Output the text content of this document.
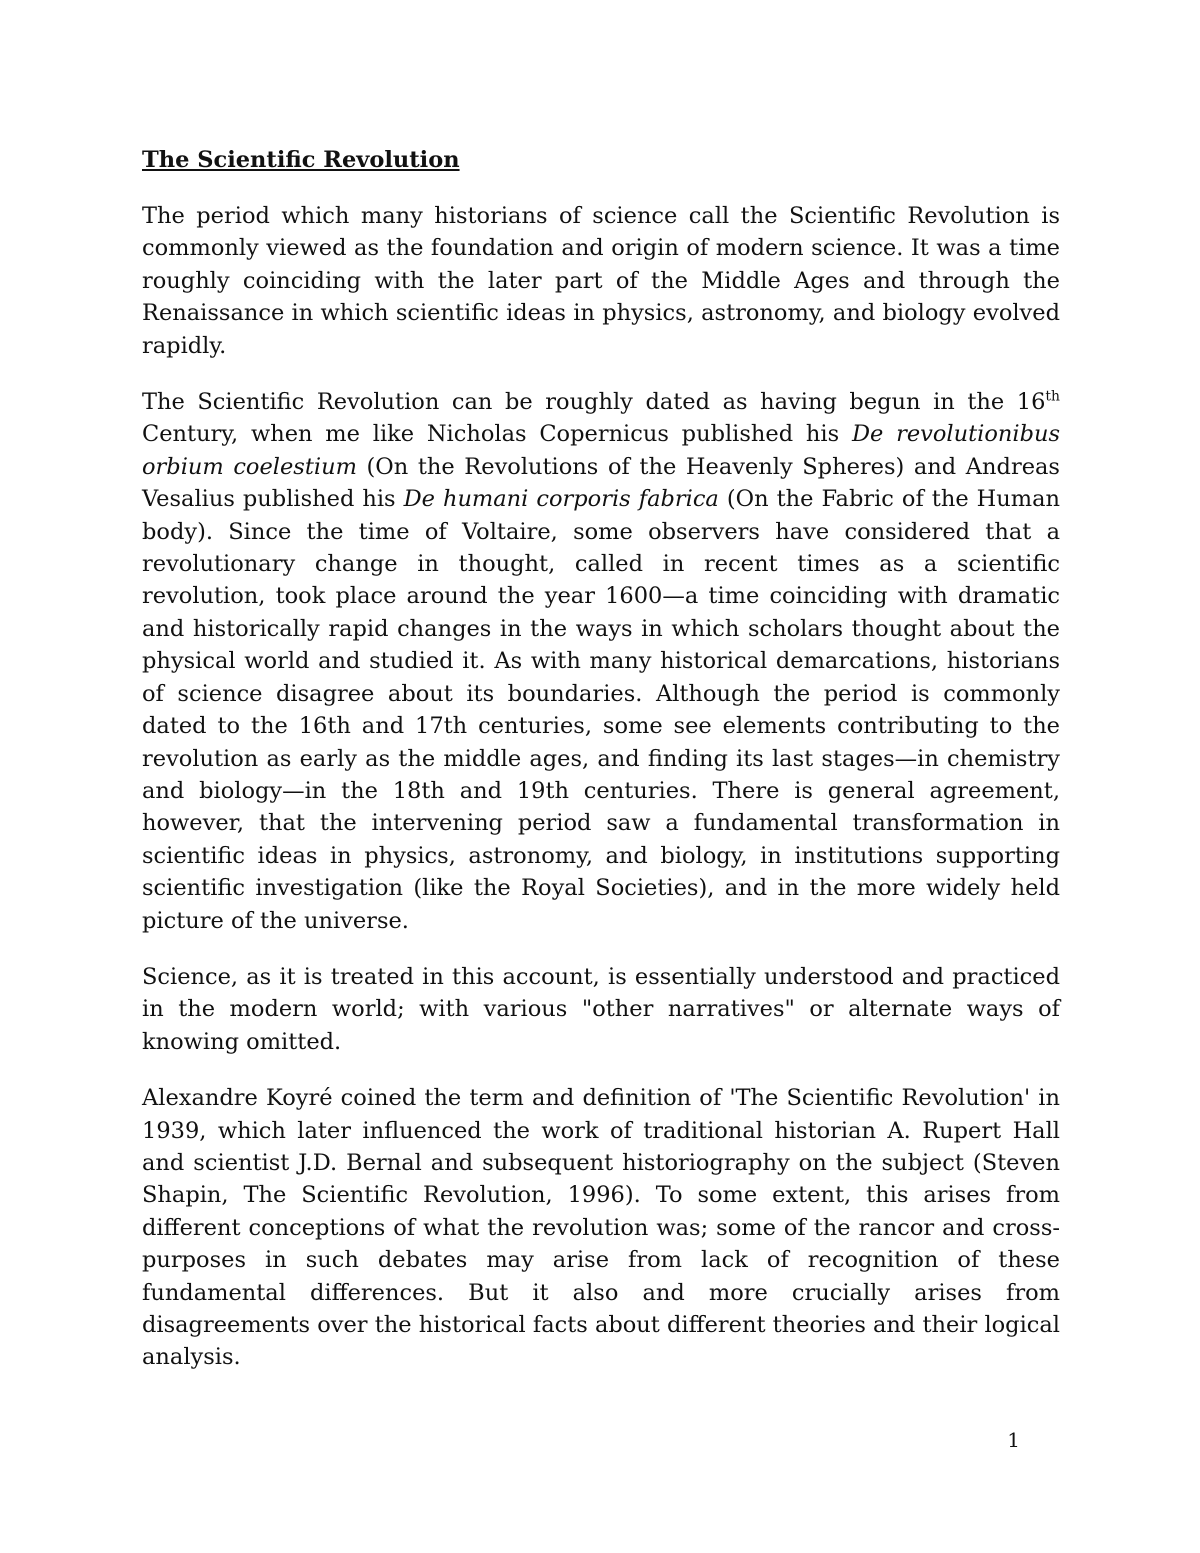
The Scientific Revolution

The period which many historians of science call the Scientific Revolution is commonly viewed as the foundation and origin of modern science. It was a time roughly coinciding with the later part of the Middle Ages and through the Renaissance in which scientific ideas in physics, astronomy, and biology evolved rapidly.

The Scientific Revolution can be roughly dated as having begun in the 16th Century, when me like Nicholas Copernicus published his De revolutionibus orbium coelestium (On the Revolutions of the Heavenly Spheres) and Andreas Vesalius published his De humani corporis fabrica (On the Fabric of the Human body). Since the time of Voltaire, some observers have considered that a revolutionary change in thought, called in recent times as a scientific revolution, took place around the year 1600—a time coinciding with dramatic and historically rapid changes in the ways in which scholars thought about the physical world and studied it. As with many historical demarcations, historians of science disagree about its boundaries. Although the period is commonly dated to the 16th and 17th centuries, some see elements contributing to the revolution as early as the middle ages, and finding its last stages—in chemistry and biology—in the 18th and 19th centuries. There is general agreement, however, that the intervening period saw a fundamental transformation in scientific ideas in physics, astronomy, and biology, in institutions supporting scientific investigation (like the Royal Societies), and in the more widely held picture of the universe.

Science, as it is treated in this account, is essentially understood and practiced in the modern world; with various "other narratives" or alternate ways of knowing omitted.

Alexandre Koyré coined the term and definition of 'The Scientific Revolution' in 1939, which later influenced the work of traditional historian A. Rupert Hall and scientist J.D. Bernal and subsequent historiography on the subject (Steven Shapin, The Scientific Revolution, 1996). To some extent, this arises from different conceptions of what the revolution was; some of the rancor and cross-purposes in such debates may arise from lack of recognition of these fundamental differences. But it also and more crucially arises from disagreements over the historical facts about different theories and their logical analysis.

1
